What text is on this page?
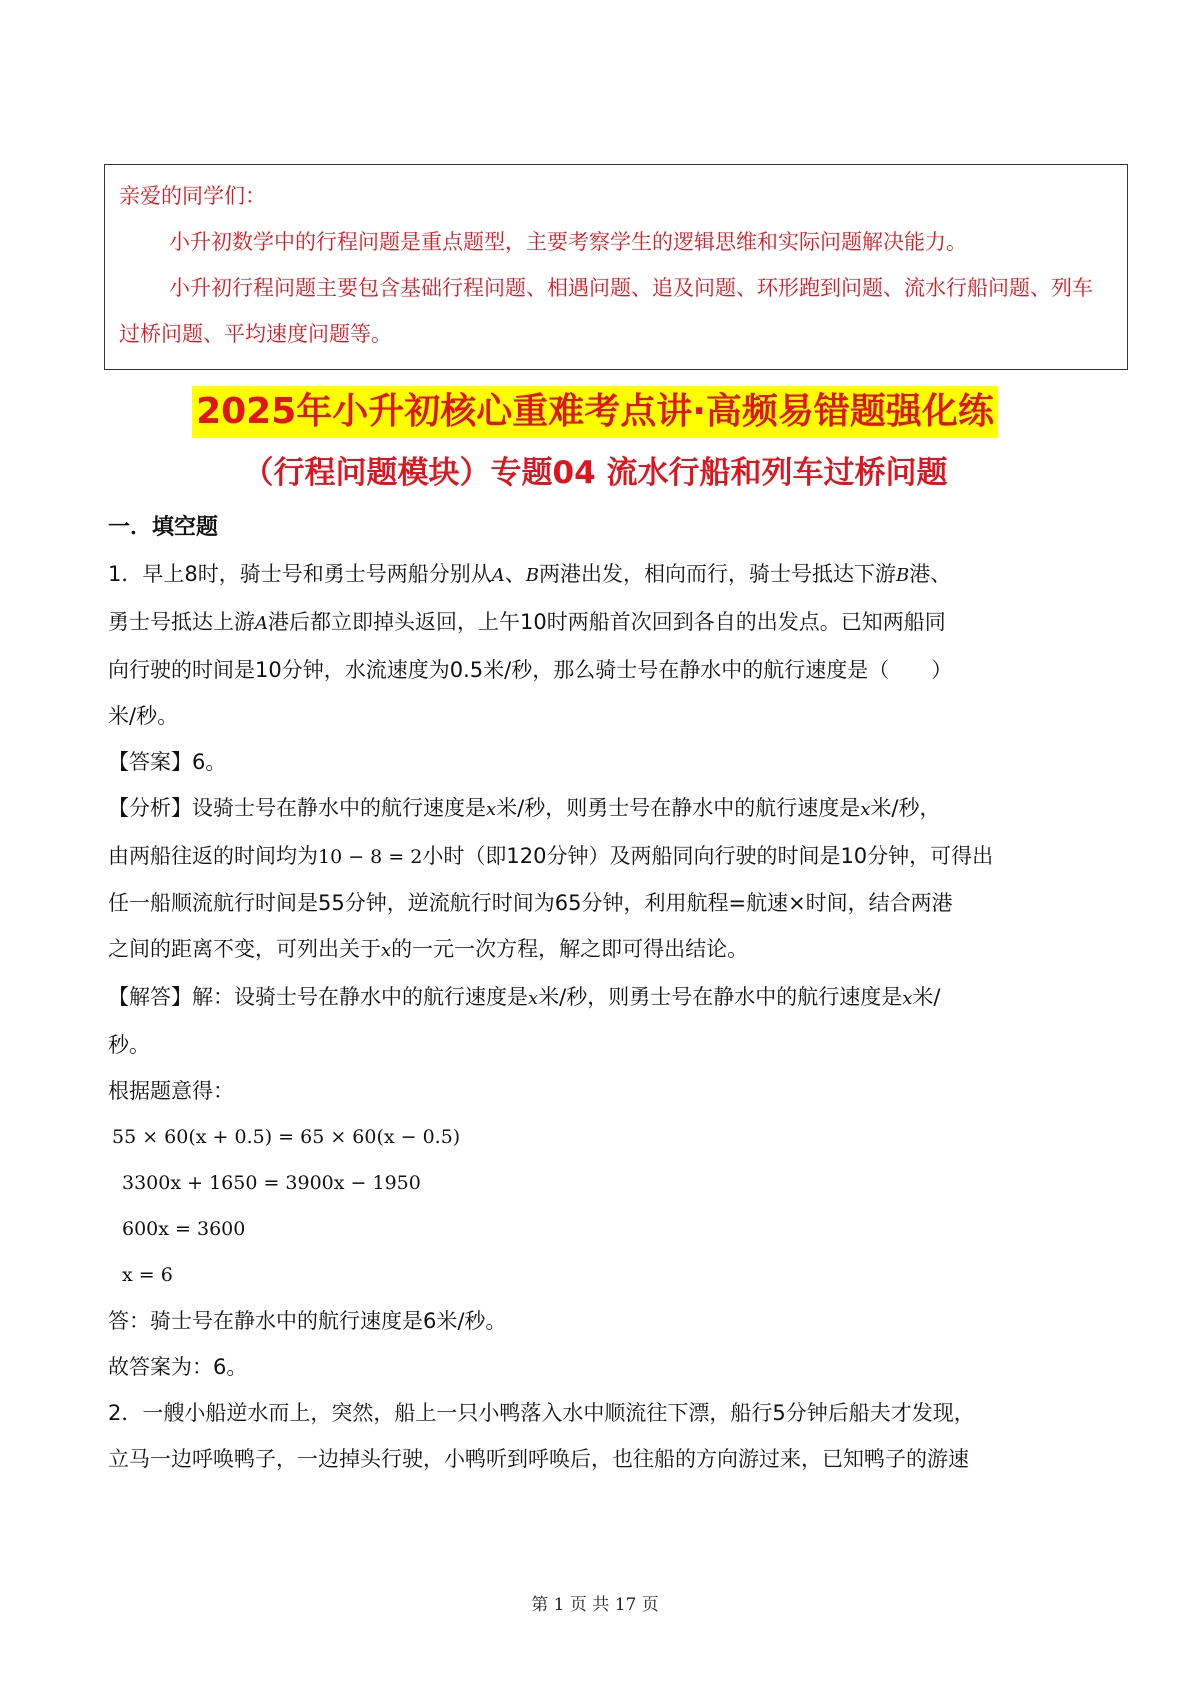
亲爱的同学们：

小升初数学中的行程问题是重点题型，主要考察学生的逻辑思维和实际问题解决能力。

小升初行程问题主要包含基础行程问题、相遇问题、追及问题、环形跑到问题、流水行船问题、列车过桥问题、平均速度问题等。

2025年小升初核心重难考点讲·高频易错题强化练
（行程问题模块）专题04 流水行船和列车过桥问题

一．填空题

1．早上8时，骑士号和勇士号两船分别从A、B两港出发，相向而行，骑士号抵达下游B港、

勇士号抵达上游A港后都立即掉头返回，上午10时两船首次回到各自的出发点。已知两船同

向行驶的时间是10分钟，水流速度为0.5米/秒，那么骑士号在静水中的航行速度是（　　）

米/秒。

【答案】6。

【分析】设骑士号在静水中的航行速度是x米/秒，则勇士号在静水中的航行速度是x米/秒，

由两船往返的时间均为10 − 8 = 2小时（即120分钟）及两船同向行驶的时间是10分钟，可得出

任一船顺流航行时间是55分钟，逆流航行时间为65分钟，利用航程=航速×时间，结合两港

之间的距离不变，可列出关于x的一元一次方程，解之即可得出结论。

【解答】解：设骑士号在静水中的航行速度是x米/秒，则勇士号在静水中的航行速度是x米/

秒。

根据题意得：

55 × 60(x + 0.5) = 65 × 60(x − 0.5)

3300x + 1650 = 3900x − 1950

600x = 3600

x = 6

答：骑士号在静水中的航行速度是6米/秒。

故答案为：6。

2．一艘小船逆水而上，突然，船上一只小鸭落入水中顺流往下漂，船行5分钟后船夫才发现，

立马一边呼唤鸭子，一边掉头行驶，小鸭听到呼唤后，也往船的方向游过来，已知鸭子的游速

第 1 页 共 17 页
